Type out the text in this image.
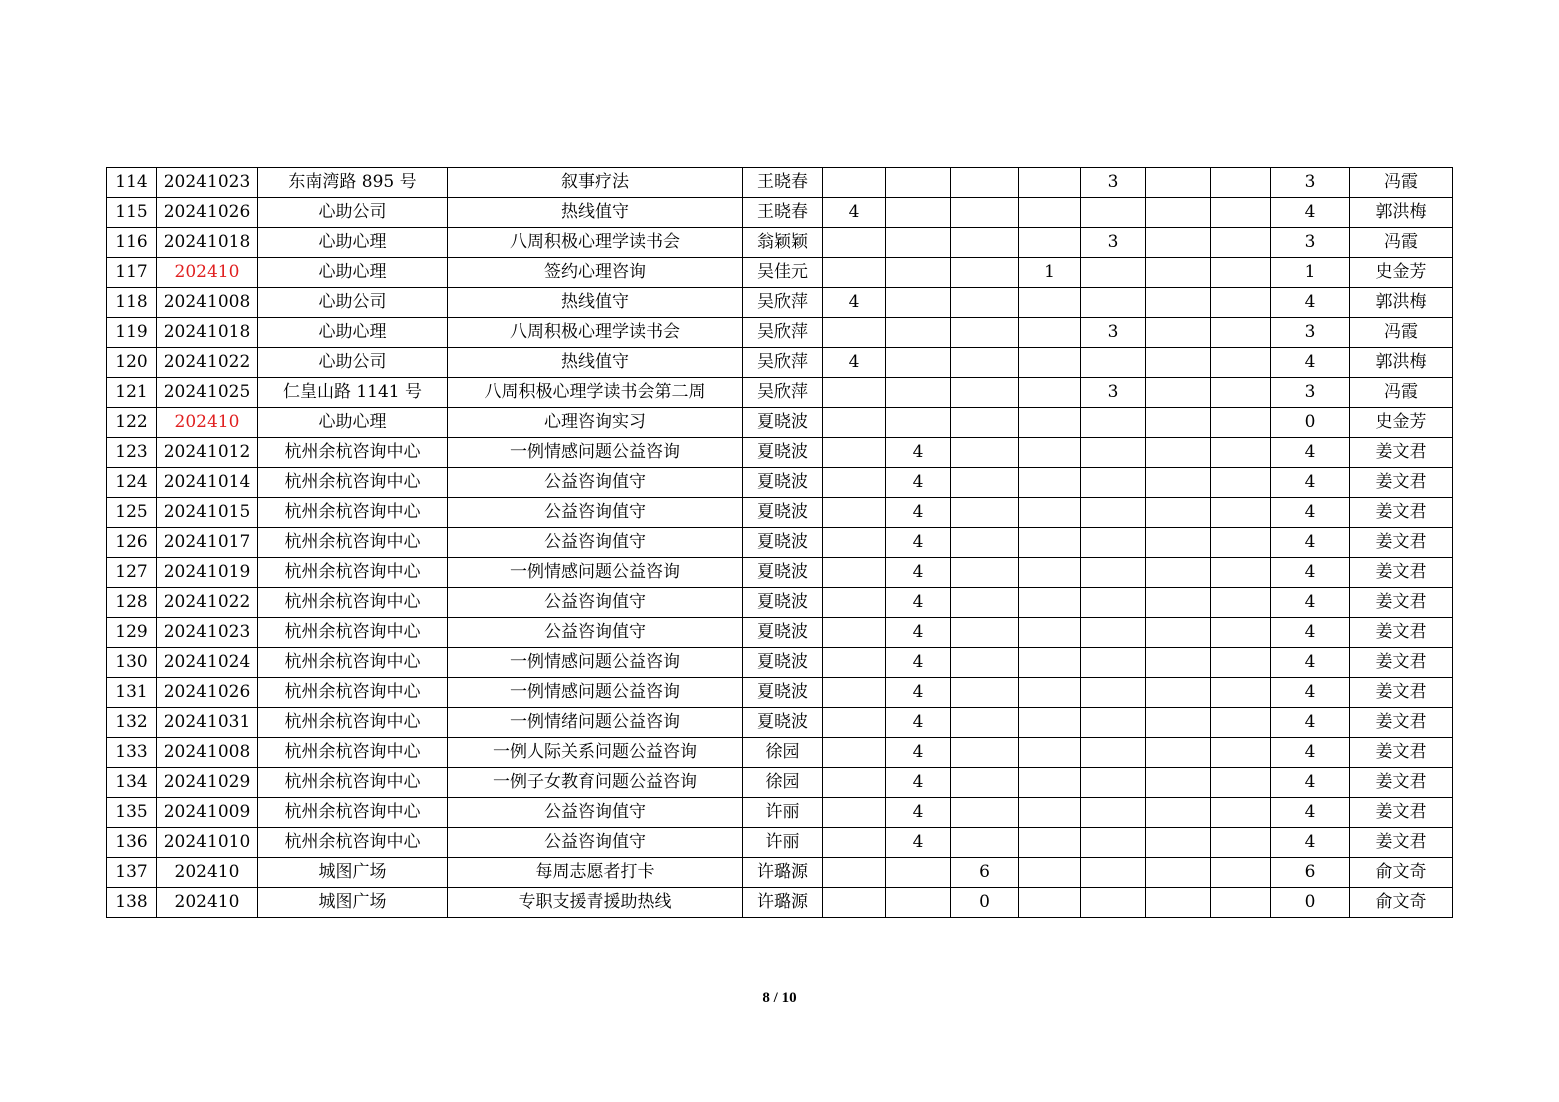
114	20241023	东南湾路 895 号	叙事疗法	王晓春					3			3	冯霞
115	20241026	心助公司	热线值守	王晓春	4							4	郭洪梅
116	20241018	心助心理	八周积极心理学读书会	翁颖颖					3			3	冯霞
117	202410	心助心理	签约心理咨询	吴佳元				1				1	史金芳
118	20241008	心助公司	热线值守	吴欣萍	4							4	郭洪梅
119	20241018	心助心理	八周积极心理学读书会	吴欣萍					3			3	冯霞
120	20241022	心助公司	热线值守	吴欣萍	4							4	郭洪梅
121	20241025	仁皇山路 1141 号	八周积极心理学读书会第二周	吴欣萍					3			3	冯霞
122	202410	心助心理	心理咨询实习	夏晓波								0	史金芳
123	20241012	杭州余杭咨询中心	一例情感问题公益咨询	夏晓波		4						4	姜文君
124	20241014	杭州余杭咨询中心	公益咨询值守	夏晓波		4						4	姜文君
125	20241015	杭州余杭咨询中心	公益咨询值守	夏晓波		4						4	姜文君
126	20241017	杭州余杭咨询中心	公益咨询值守	夏晓波		4						4	姜文君
127	20241019	杭州余杭咨询中心	一例情感问题公益咨询	夏晓波		4						4	姜文君
128	20241022	杭州余杭咨询中心	公益咨询值守	夏晓波		4						4	姜文君
129	20241023	杭州余杭咨询中心	公益咨询值守	夏晓波		4						4	姜文君
130	20241024	杭州余杭咨询中心	一例情感问题公益咨询	夏晓波		4						4	姜文君
131	20241026	杭州余杭咨询中心	一例情感问题公益咨询	夏晓波		4						4	姜文君
132	20241031	杭州余杭咨询中心	一例情绪问题公益咨询	夏晓波		4						4	姜文君
133	20241008	杭州余杭咨询中心	一例人际关系问题公益咨询	徐园		4						4	姜文君
134	20241029	杭州余杭咨询中心	一例子女教育问题公益咨询	徐园		4						4	姜文君
135	20241009	杭州余杭咨询中心	公益咨询值守	许丽		4						4	姜文君
136	20241010	杭州余杭咨询中心	公益咨询值守	许丽		4						4	姜文君
137	202410	城图广场	每周志愿者打卡	许璐源			6					6	俞文奇
138	202410	城图广场	专职支援青援助热线	许璐源			0					0	俞文奇
8 / 10
